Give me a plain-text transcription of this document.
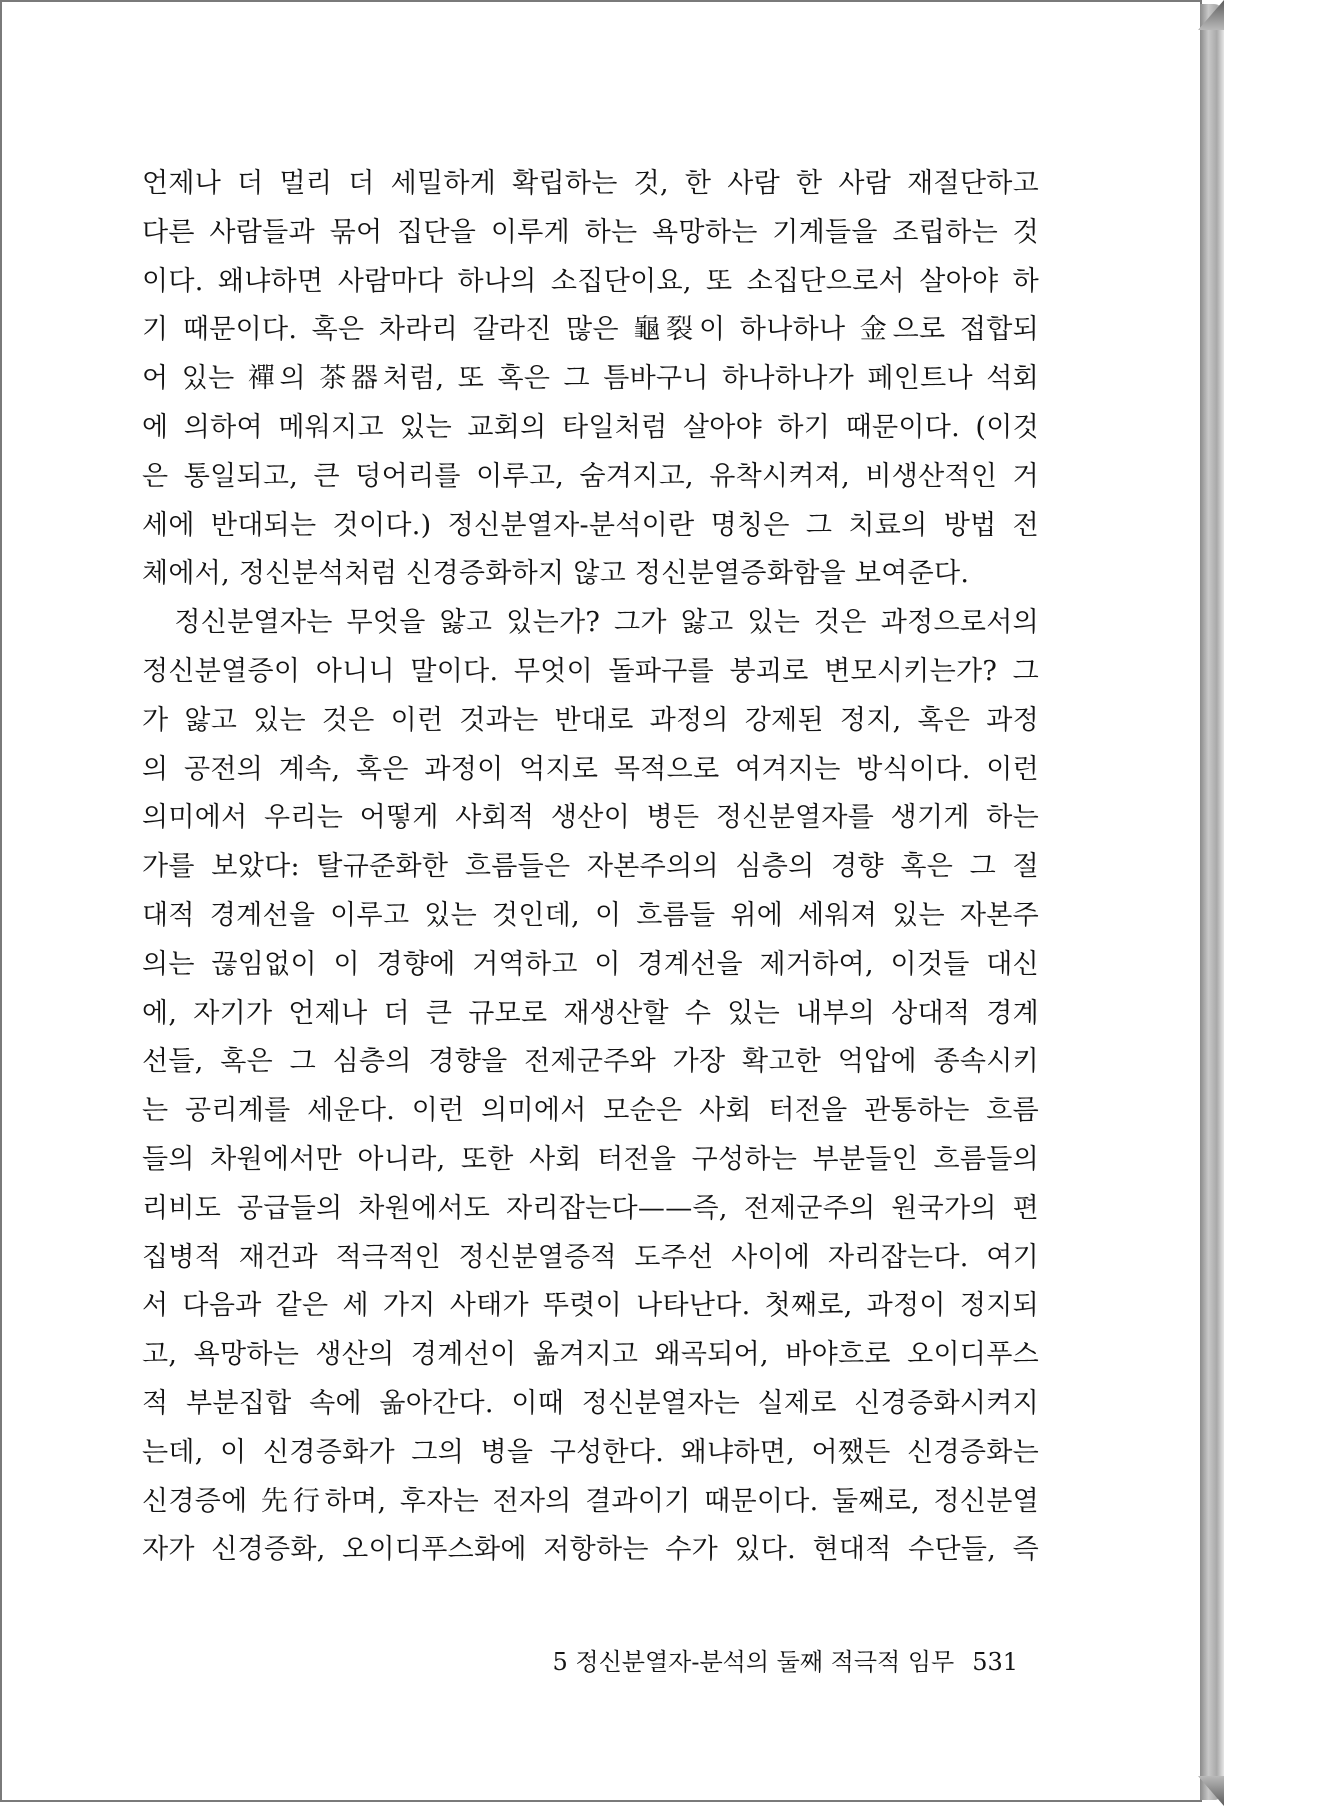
언제나 더 멀리 더 세밀하게 확립하는 것, 한 사람 한 사람 재절단하고
다른 사람들과 묶어 집단을 이루게 하는 욕망하는 기계들을 조립하는 것
이다. 왜냐하면 사람마다 하나의 소집단이요, 또 소집단으로서 살아야 하
기 때문이다. 혹은 차라리 갈라진 많은 龜裂이 하나하나 金으로 접합되
어 있는 禪의 茶器처럼, 또 혹은 그 틈바구니 하나하나가 페인트나 석회
에 의하여 메워지고 있는 교회의 타일처럼 살아야 하기 때문이다. (이것
은 통일되고, 큰 덩어리를 이루고, 숨겨지고, 유착시켜져, 비생산적인 거
세에 반대되는 것이다.) 정신분열자-분석이란 명칭은 그 치료의 방법 전
체에서, 정신분석처럼 신경증화하지 않고 정신분열증화함을 보여준다.
　정신분열자는 무엇을 앓고 있는가? 그가 앓고 있는 것은 과정으로서의
정신분열증이 아니니 말이다. 무엇이 돌파구를 붕괴로 변모시키는가? 그
가 앓고 있는 것은 이런 것과는 반대로 과정의 강제된 정지, 혹은 과정
의 공전의 계속, 혹은 과정이 억지로 목적으로 여겨지는 방식이다. 이런
의미에서 우리는 어떻게 사회적 생산이 병든 정신분열자를 생기게 하는
가를 보았다: 탈규준화한 흐름들은 자본주의의 심층의 경향 혹은 그 절
대적 경계선을 이루고 있는 것인데, 이 흐름들 위에 세워져 있는 자본주
의는 끊임없이 이 경향에 거역하고 이 경계선을 제거하여, 이것들 대신
에, 자기가 언제나 더 큰 규모로 재생산할 수 있는 내부의 상대적 경계
선들, 혹은 그 심층의 경향을 전제군주와 가장 확고한 억압에 종속시키
는 공리계를 세운다. 이런 의미에서 모순은 사회 터전을 관통하는 흐름
들의 차원에서만 아니라, 또한 사회 터전을 구성하는 부분들인 흐름들의
리비도 공급들의 차원에서도 자리잡는다——즉, 전제군주의 원국가의 편
집병적 재건과 적극적인 정신분열증적 도주선 사이에 자리잡는다. 여기
서 다음과 같은 세 가지 사태가 뚜렷이 나타난다. 첫째로, 과정이 정지되
고, 욕망하는 생산의 경계선이 옮겨지고 왜곡되어, 바야흐로 오이디푸스
적 부분집합 속에 옮아간다. 이때 정신분열자는 실제로 신경증화시켜지
는데, 이 신경증화가 그의 병을 구성한다. 왜냐하면, 어쨌든 신경증화는
신경증에 先行하며, 후자는 전자의 결과이기 때문이다. 둘째로, 정신분열
자가 신경증화, 오이디푸스화에 저항하는 수가 있다. 현대적 수단들, 즉
5 정신분열자-분석의 둘째 적극적 임무 531
